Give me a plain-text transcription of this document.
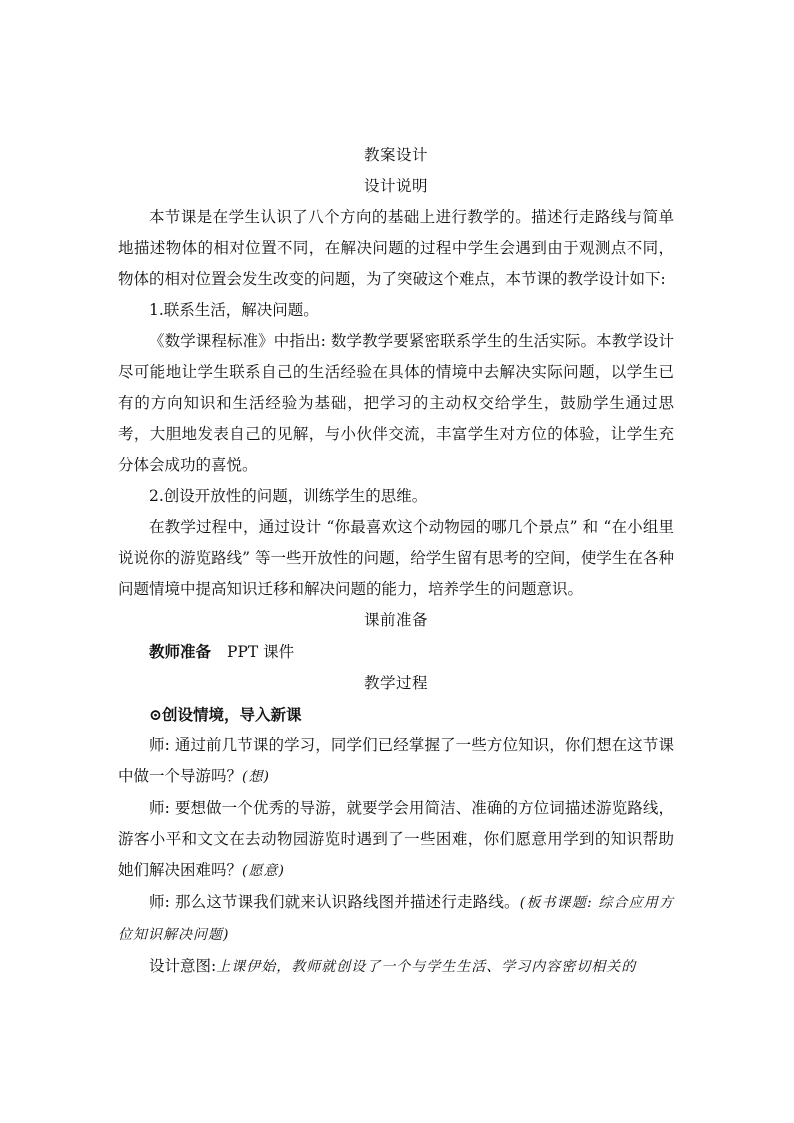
教案设计

设计说明

本节课是在学生认识了八个方向的基础上进行教学的。描述行走路线与简单地描述物体的相对位置不同，在解决问题的过程中学生会遇到由于观测点不同，物体的相对位置会发生改变的问题，为了突破这个难点，本节课的教学设计如下:

1.联系生活，解决问题。

《数学课程标准》中指出: 数学教学要紧密联系学生的生活实际。本教学设计尽可能地让学生联系自己的生活经验在具体的情境中去解决实际问题，以学生已有的方向知识和生活经验为基础，把学习的主动权交给学生，鼓励学生通过思考，大胆地发表自己的见解，与小伙伴交流，丰富学生对方位的体验，让学生充分体会成功的喜悦。

2.创设开放性的问题，训练学生的思维。

在教学过程中，通过设计 “你最喜欢这个动物园的哪几个景点” 和 “在小组里说说你的游览路线” 等一些开放性的问题，给学生留有思考的空间，使学生在各种问题情境中提高知识迁移和解决问题的能力，培养学生的问题意识。

课前准备

教师准备 PPT 课件

教学过程

⊙创设情境，导入新课

师: 通过前几节课的学习，同学们已经掌握了一些方位知识，你们想在这节课中做一个导游吗？(想)

师: 要想做一个优秀的导游，就要学会用简洁、准确的方位词描述游览路线，游客小平和文文在去动物园游览时遇到了一些困难，你们愿意用学到的知识帮助她们解决困难吗？(愿意)

师: 那么这节课我们就来认识路线图并描述行走路线。(板书课题: 综合应用方位知识解决问题)

设计意图:上课伊始，教师就创设了一个与学生生活、学习内容密切相关的
